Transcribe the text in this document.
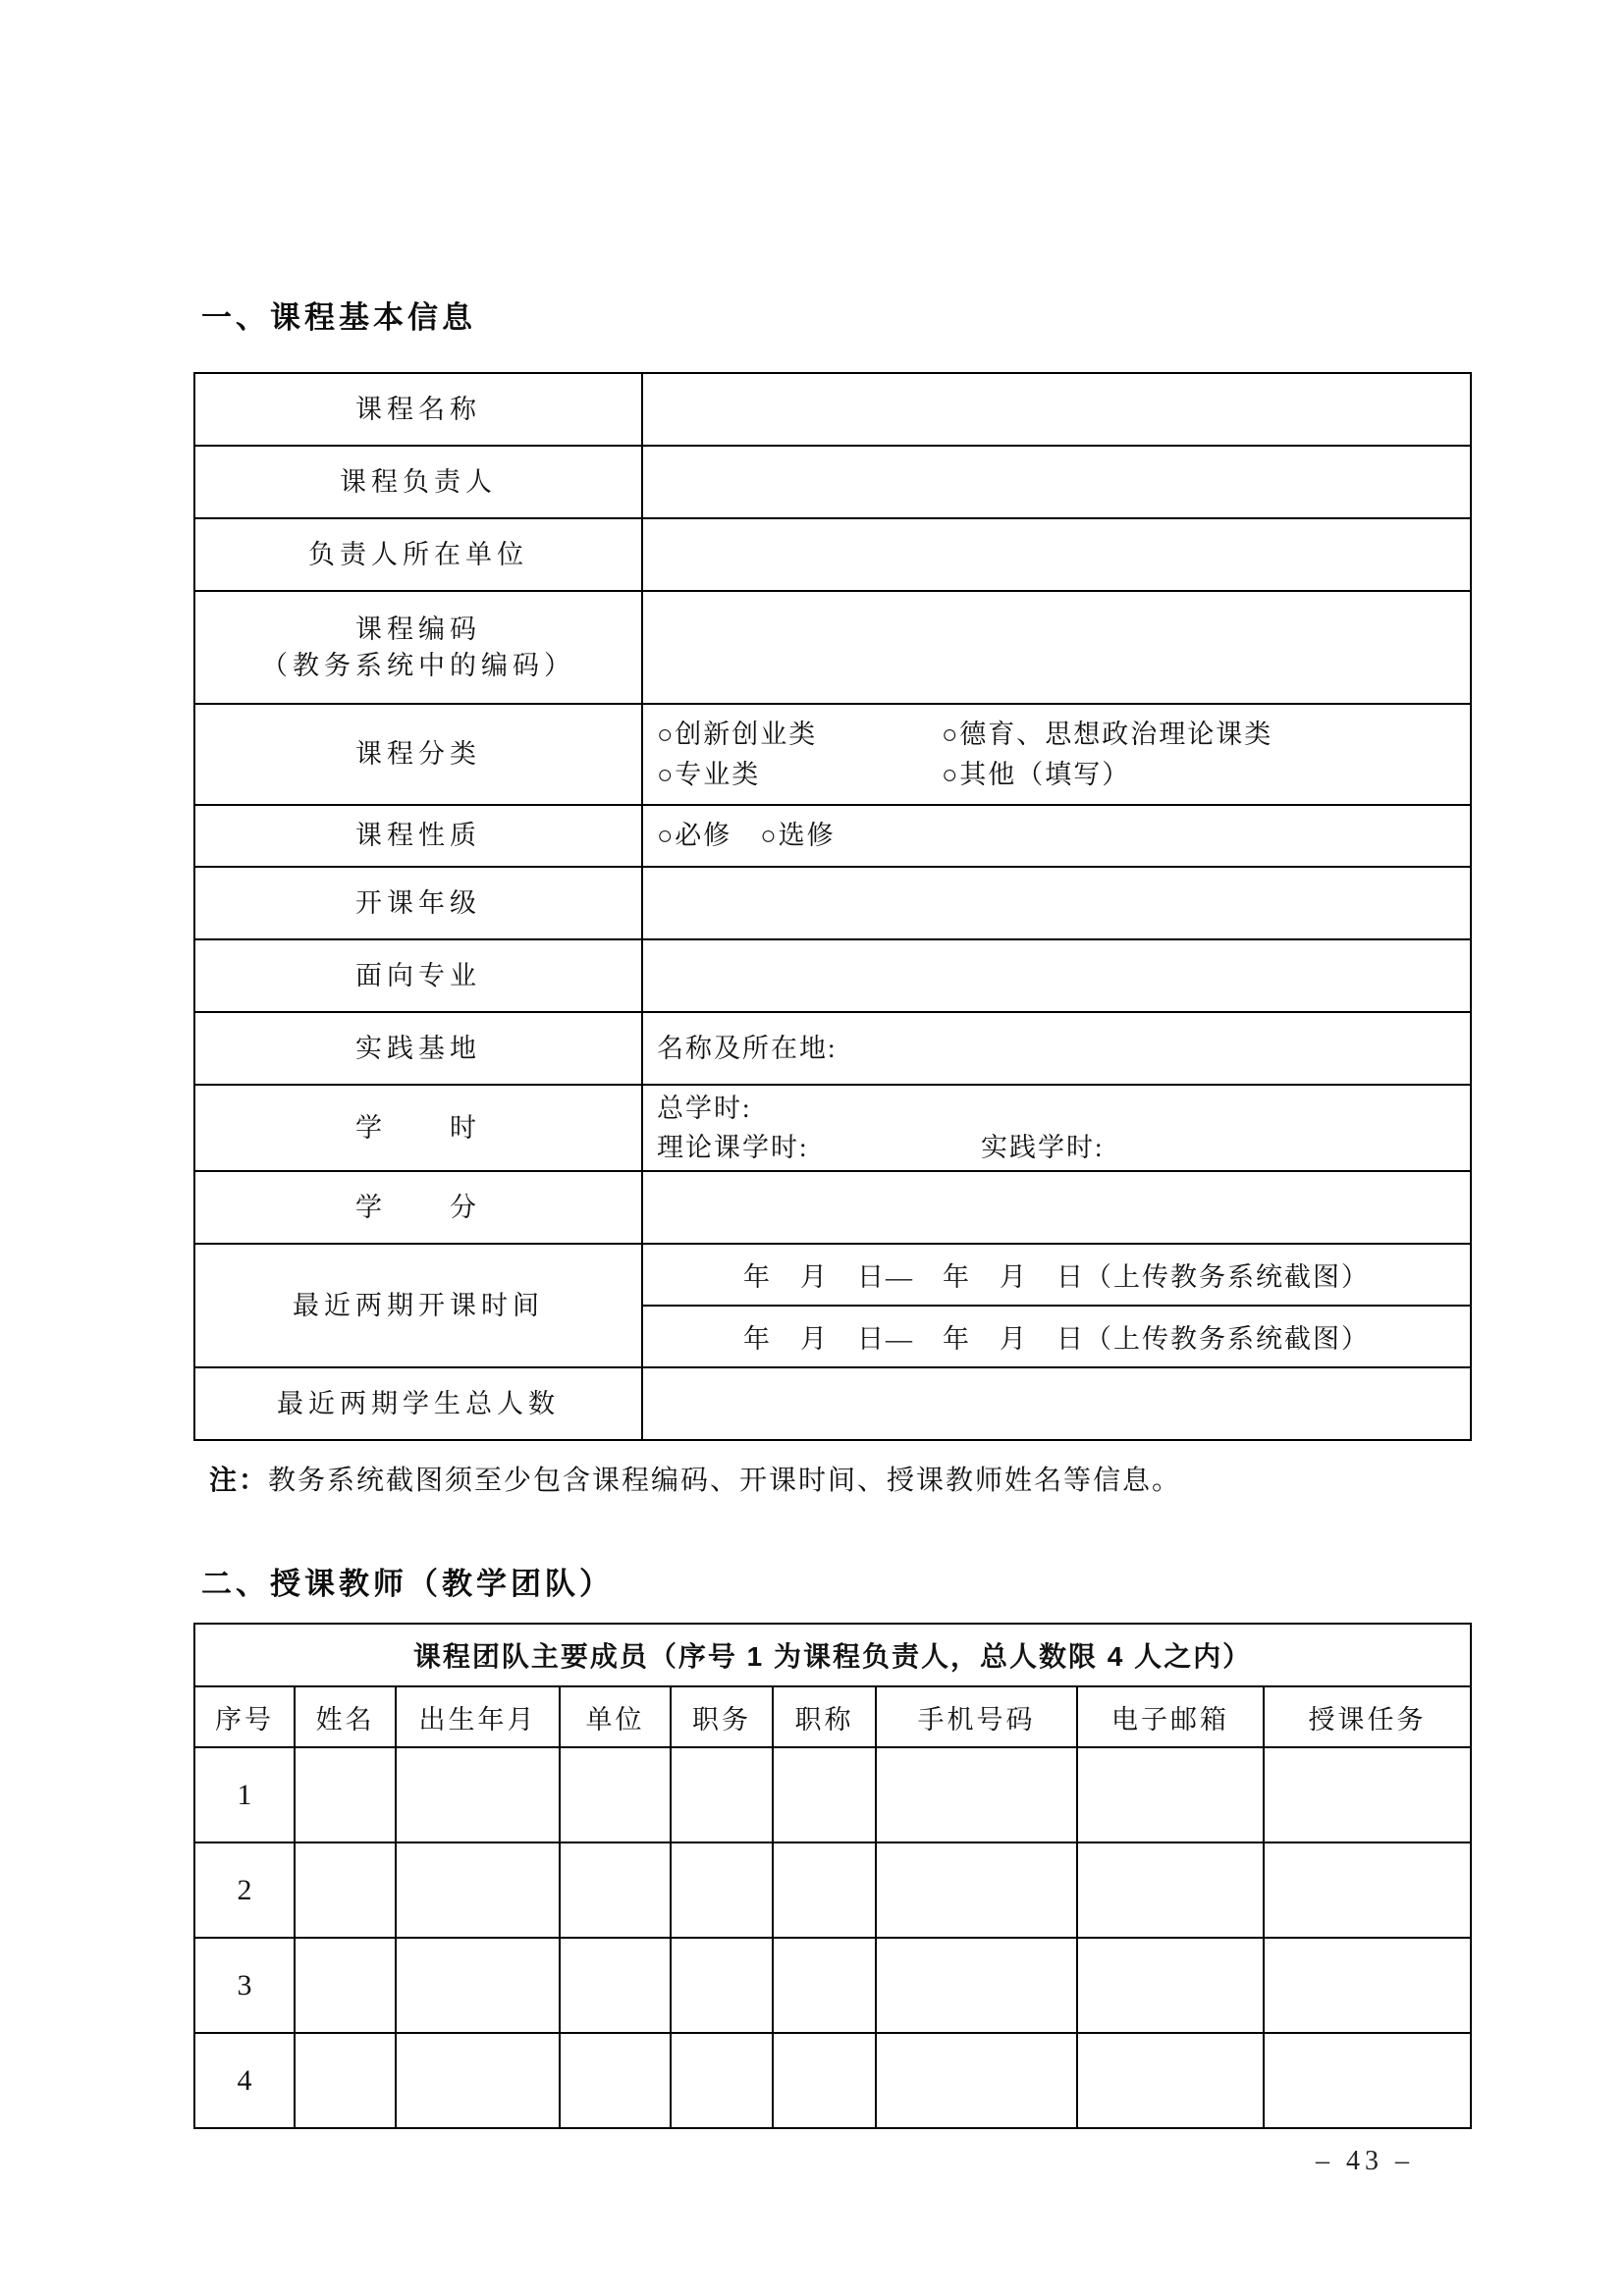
一、课程基本信息
课程名称	
课程负责人	
负责人所在单位	

课程编码
（教务系统中的编码）	

课程分类	○创新创业类 ○德育、思想政治理论课类
○专业类 ○其他（填写）

课程性质	○必修　○选修
开课年级	
面向专业	
实践基地	名称及所在地:
学　　时	总学时:
理论课学时: 实践学时:

学　　分	
最近两期开课时间	年　月　日—　年　月　日（上传教务系统截图）
	年　月　日—　年　月　日（上传教务系统截图）
最近两期学生总人数	

注：教务系统截图须至少包含课程编码、开课时间、授课教师姓名等信息。

二、授课教师（教学团队）
课程团队主要成员（序号 1 为课程负责人，总人数限 4 人之内）								
序号	姓名	出生年月	单位	职务	职称	手机号码	电子邮箱	授课任务
1								
2								
3								
4								
– 43 –
